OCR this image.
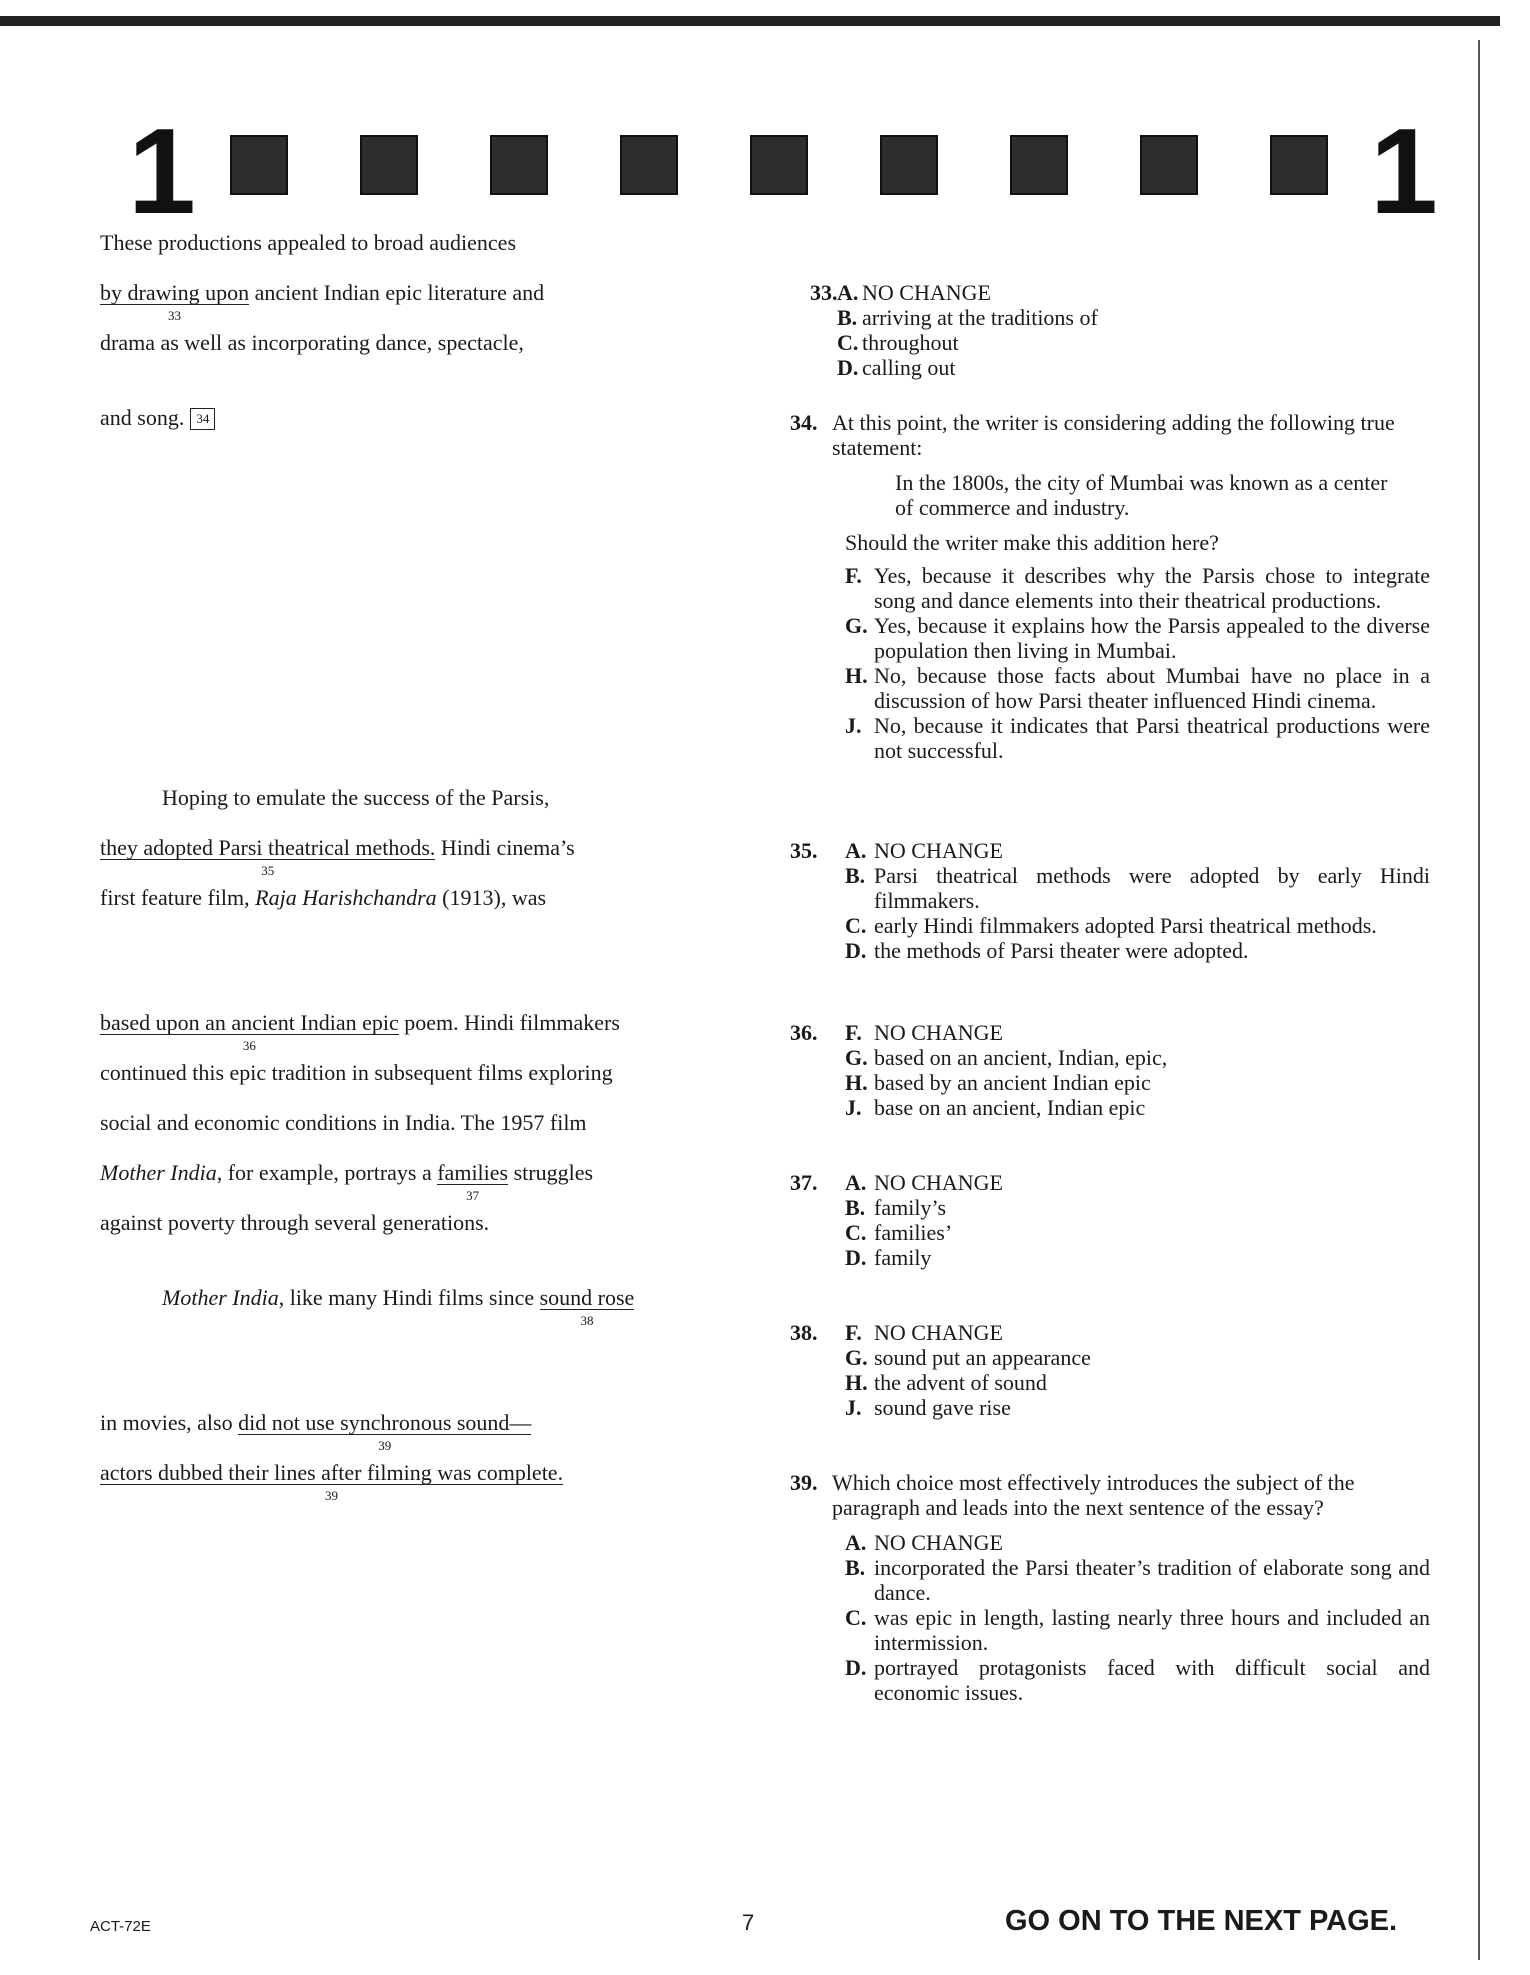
1	1
These productions appealed to broad audiences
by drawing upon
33
ancient Indian epic literature and
drama as well as incorporating dance, spectacle,
and song. 34
Hoping to emulate the success of the Parsis,
they adopted Parsi theatrical methods.
35
Hindi cinema’s
first feature film, Raja Harishchandra (1913), was
based upon an ancient Indian epic
36
poem. Hindi filmmakers
continued this epic tradition in subsequent films exploring
social and economic conditions in India. The 1957 film
Mother India, for example, portrays a families
37
struggles
against poverty through several generations.
Mother India, like many Hindi films since sound rose
38
in movies, also did not use synchronous sound—
39
actors dubbed their lines after filming was complete.
39
33. A. NO CHANGE
B. arriving at the traditions of
C. throughout
D. calling out
34. At this point, the writer is considering adding the following true statement:
In the 1800s, the city of Mumbai was known as a center of commerce and industry.
Should the writer make this addition here?
F. Yes, because it describes why the Parsis chose to integrate song and dance elements into their theatrical productions.
G. Yes, because it explains how the Parsis appealed to the diverse population then living in Mumbai.
H. No, because those facts about Mumbai have no place in a discussion of how Parsi theater influenced Hindi cinema.
J. No, because it indicates that Parsi theatrical productions were not successful.
35. A. NO CHANGE
B. Parsi theatrical methods were adopted by early Hindi filmmakers.
C. early Hindi filmmakers adopted Parsi theatrical methods.
D. the methods of Parsi theater were adopted.
36. F. NO CHANGE
G. based on an ancient, Indian, epic,
H. based by an ancient Indian epic
J. base on an ancient, Indian epic
37. A. NO CHANGE
B. family’s
C. families’
D. family
38. F. NO CHANGE
G. sound put an appearance
H. the advent of sound
J. sound gave rise
39. Which choice most effectively introduces the subject of the paragraph and leads into the next sentence of the essay?
A. NO CHANGE
B. incorporated the Parsi theater’s tradition of elaborate song and dance.
C. was epic in length, lasting nearly three hours and included an intermission.
D. portrayed protagonists faced with difficult social and economic issues.
ACT-72E	7	GO ON TO THE NEXT PAGE.
